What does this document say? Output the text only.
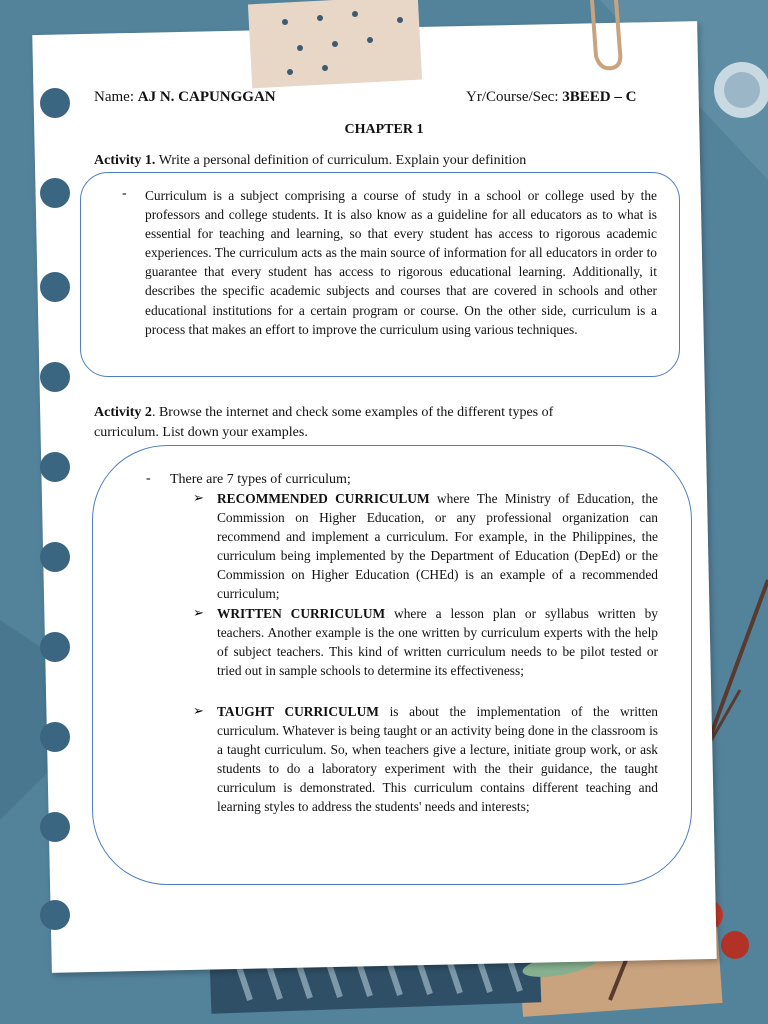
Name: AJ N. CAPUNGGAN	Yr/Course/Sec: 3BEED – C
CHAPTER 1
Activity 1. Write a personal definition of curriculum. Explain your definition
- Curriculum is a subject comprising a course of study in a school or college used by the professors and college students. It is also know as a guideline for all educators as to what is essential for teaching and learning, so that every student has access to rigorous academic experiences. The curriculum acts as the main source of information for all educators in order to guarantee that every student has access to rigorous educational learning. Additionally, it describes the specific academic subjects and courses that are covered in schools and other educational institutions for a certain program or course. On the other side, curriculum is a process that makes an effort to improve the curriculum using various techniques.
Activity 2. Browse the internet and check some examples of the different types of
curriculum. List down your examples.
- There are 7 types of curriculum;
➢ RECOMMENDED CURRICULUM where The Ministry of Education, the Commission on Higher Education, or any professional organization can recommend and implement a curriculum. For example, in the Philippines, the curriculum being implemented by the Department of Education (DepEd) or the Commission on Higher Education (CHEd) is an example of a recommended curriculum;
➢ WRITTEN CURRICULUM where a lesson plan or syllabus written by teachers. Another example is the one written by curriculum experts with the help of subject teachers. This kind of written curriculum needs to be pilot tested or tried out in sample schools to determine its effectiveness;
➢ TAUGHT CURRICULUM is about the implementation of the written curriculum. Whatever is being taught or an activity being done in the classroom is a taught curriculum. So, when teachers give a lecture, initiate group work, or ask students to do a laboratory experiment with the their guidance, the taught curriculum is demonstrated. This curriculum contains different teaching and learning styles to address the students' needs and interests;
